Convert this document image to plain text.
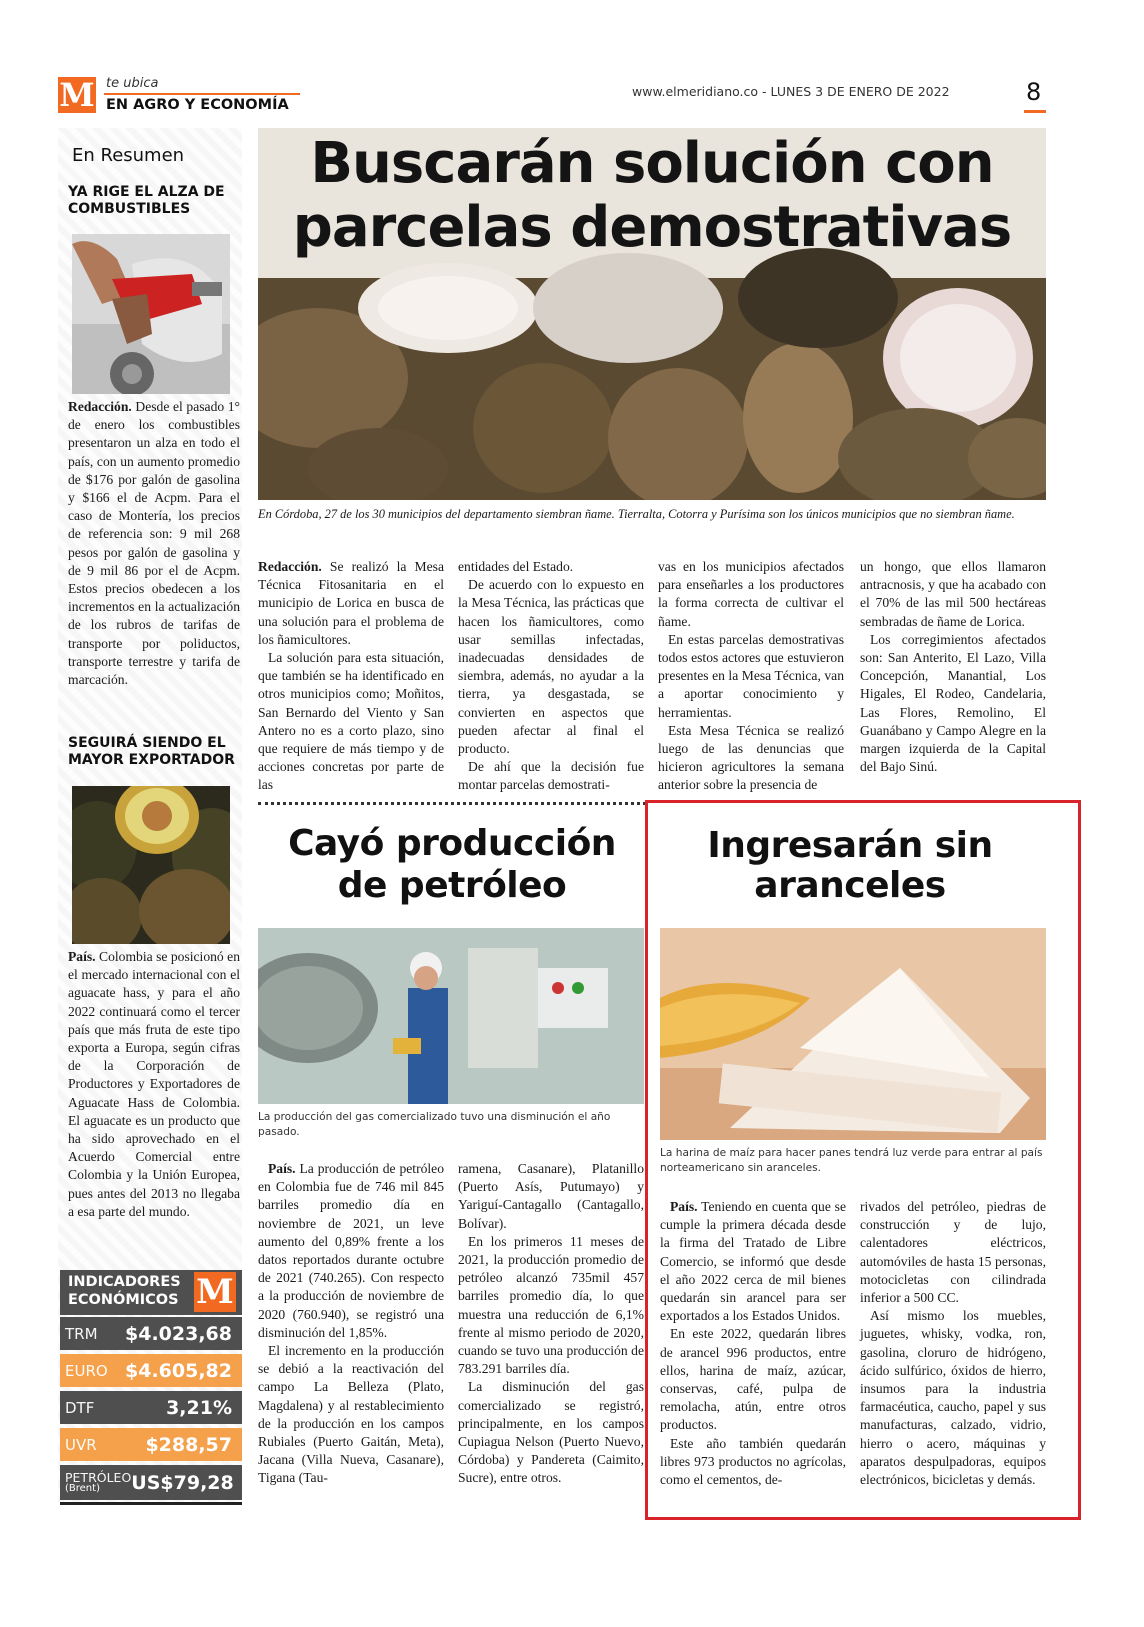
M te ubica
EN AGRO Y ECONOMÍA
www.elmeridiano.co - LUNES 3 DE ENERO DE 2022	8
En Resumen
YA RIGE EL ALZA DE COMBUSTIBLES

Redacción. Desde el pasado 1° de enero los combustibles presentaron un alza en todo el país, con un aumento promedio de $176 por galón de gasolina y $166 el de Acpm. Para el caso de Montería, los precios de referencia son: 9 mil 268 pesos por galón de gasolina y de 9 mil 86 por el de Acpm. Estos precios obedecen a los incrementos en la actualización de los rubros de tarifas de transporte por poliductos, transporte terrestre y tarifa de marcación.

SEGUIRÁ SIENDO EL MAYOR EXPORTADOR

País. Colombia se posicionó en el mercado internacional con el aguacate hass, y para el año 2022 continuará como el tercer país que más fruta de este tipo exporta a Europa, según cifras de la Corporación de Productores y Exportadores de Aguacate Hass de Colombia. El aguacate es un producto que ha sido aprovechado en el Acuerdo Comercial entre Colombia y la Unión Europea, pues antes del 2013 no llegaba a esa parte del mundo.

INDICADORES
ECONÓMICOS M
TRM $4.023,68
EURO $4.605,82
DTF	3,21%
UVR	$288,57
PETRÓLEO
(Brent)	US$79,28
Buscarán solución con parcelas demostrativas
En Córdoba, 27 de los 30 municipios del departamento siembran ñame. Tierralta, Cotorra y Purísima son los únicos municipios que no siembran ñame.

Redacción. Se realizó la Mesa Técnica Fitosanitaria en el municipio de Lorica en busca de una solución para el problema de los ñamicultores.

La solución para esta situación, que también se ha identificado en otros municipios como; Moñitos, San Bernardo del Viento y San Antero no es a corto plazo, sino que requiere de más tiempo y de acciones concretas por parte de las

entidades del Estado.

De acuerdo con lo expuesto en la Mesa Técnica, las prácticas que hacen los ñamicultores, como usar semillas infectadas, inadecuadas densidades de siembra, además, no ayudar a la tierra, ya desgastada, se convierten en aspectos que pueden afectar al final el producto.

De ahí que la decisión fue montar parcelas demostrati-

vas en los municipios afectados para enseñarles a los productores la forma correcta de cultivar el ñame.

En estas parcelas demostrativas todos estos actores que estuvieron presentes en la Mesa Técnica, van a aportar conocimiento y herramientas.

Esta Mesa Técnica se realizó luego de las denuncias que hicieron agricultores la semana anterior sobre la presencia de

un hongo, que ellos llamaron antracnosis, y que ha acabado con el 70% de las mil 500 hectáreas sembradas de ñame de Lorica.

Los corregimientos afectados son: San Anterito, El Lazo, Villa Concepción, Manantial, Los Higales, El Rodeo, Candelaria, Las Flores, Remolino, El Guanábano y Campo Alegre en la margen izquierda de la Capital del Bajo Sinú.

Cayó producción
de petróleo
La producción del gas comercializado tuvo una disminución el año pasado.

País. La producción de petróleo en Colombia fue de 746 mil 845 barriles promedio día en noviembre de 2021, un leve aumento del 0,89% frente a los datos reportados durante octubre de 2021 (740.265). Con respecto a la producción de noviembre de 2020 (760.940), se registró una disminución del 1,85%.

El incremento en la producción se debió a la reactivación del campo La Belleza (Plato, Magdalena) y al restablecimiento de la producción en los campos Rubiales (Puerto Gaitán, Meta), Jacana (Villa Nueva, Casanare), Tigana (Tau-

ramena, Casanare), Platanillo (Puerto Asís, Putumayo) y Yariguí-Cantagallo (Cantagallo, Bolívar).

En los primeros 11 meses de 2021, la producción promedio de petróleo alcanzó 735mil 457 barriles promedio día, lo que muestra una reducción de 6,1% frente al mismo periodo de 2020, cuando se tuvo una producción de 783.291 barriles día.

La disminución del gas comercializado se registró, principalmente, en los campos Cupiagua Nelson (Puerto Nuevo, Córdoba) y Pandereta (Caimito, Sucre), entre otros.

Ingresarán sin
aranceles
La harina de maíz para hacer panes tendrá luz verde para entrar al país norteamericano sin aranceles.

País. Teniendo en cuenta que se cumple la primera década desde la firma del Tratado de Libre Comercio, se informó que desde el año 2022 cerca de mil bienes quedarán sin arancel para ser exportados a los Estados Unidos.

En este 2022, quedarán libres de arancel 996 productos, entre ellos, harina de maíz, azúcar, conservas, café, pulpa de remolacha, atún, entre otros productos.

Este año también quedarán libres 973 productos no agrícolas, como el cementos, de-

rivados del petróleo, piedras de construcción y de lujo, calentadores eléctricos, automóviles de hasta 15 personas, motocicletas con cilindrada inferior a 500 CC.

Así mismo los muebles, juguetes, whisky, vodka, ron, gasolina, cloruro de hidrógeno, ácido sulfúrico, óxidos de hierro, insumos para la industria farmacéutica, caucho, papel y sus manufacturas, calzado, vidrio, hierro o acero, máquinas y aparatos despulpadoras, equipos electrónicos, bicicletas y demás.
